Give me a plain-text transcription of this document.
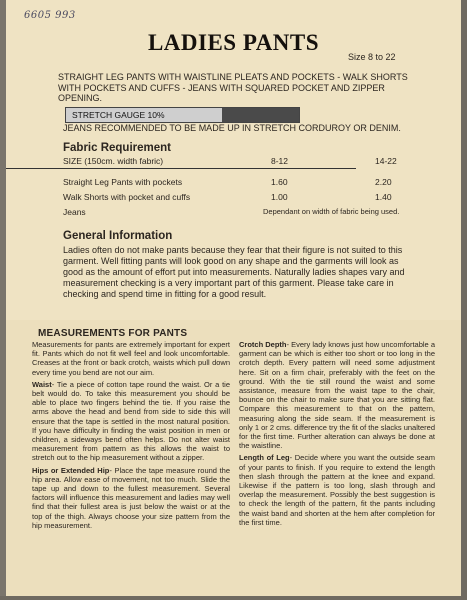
6605 993
LADIES PANTS
Size 8 to 22
STRAIGHT LEG PANTS WITH WAISTLINE PLEATS AND POCKETS - WALK SHORTS WITH POCKETS AND CUFFS - JEANS WITH SQUARED POCKET AND ZIPPER OPENING.
STRETCH GAUGE 10%
JEANS RECOMMENDED TO BE MADE UP IN STRETCH CORDUROY OR DENIM.
Fabric Requirement
SIZE (150cm. width fabric)	8-12	14-22
Straight Leg Pants with pockets	1.60	2.20
Walk Shorts with pocket and cuffs	1.00	1.40
Jeans	Dependant on width of fabric being used.
General Information
Ladies often do not make pants because they fear that their figure is not suited to this garment. Well fitting pants will look good on any shape and the garments will look as good as the amount of effort put into measurements. Naturally ladies shapes vary and measurement checking is a very important part of this garment. Please take care in checking and spend time in fitting for a good result.
MEASUREMENTS FOR PANTS

Measurements for pants are extremely important for expert fit. Pants which do not fit well feel and look uncomfortable. Creases at the front or back crotch, waists which pull down every time you bend are not our aim.

Waist- Tie a piece of cotton tape round the waist. Or a tie belt would do. To take this measurement you should be able to place two fingers behind the tie. If you raise the arms above the head and bend from side to side this will ensure that the tape is settled in the most natural position. If you have difficulty in finding the waist position in men or children, a sideways bend often helps. Do not alter waist measurement from pattern as this allows the waist to stretch out to the hip measurement without a zipper.

Hips or Extended Hip- Place the tape measure round the hip area. Allow ease of movement, not too much. Slide the tape up and down to the fullest measurement. Several factors will influence this measurement and ladies may well find that their fullest area is just below the waist or at the top of the thigh. Always choose your size pattern from the hip measurement.

Crotch Depth- Every lady knows just how uncomfortable a garment can be which is either too short or too long in the crotch depth. Every pattern will need some adjustment here. Sit on a firm chair, preferably with the feet on the ground. With the tie still round the waist and some assistance, measure from the waist tape to the chair, bounce on the chair to make sure that you are sitting flat. Compare this measurement to that on the pattern, measuring along the side seam. If the measurement is only 1 or 2 cms. difference try the fit of the slacks unaltered for the first time. Further alteration can always be done at the waistline.

Length of Leg- Decide where you want the outside seam of your pants to finish. If you require to extend the length then slash through the pattern at the knee and expand. Likewise if the pattern is too long, slash through and overlap the measurement. Possibly the best suggestion is to check the length of the pattern, fit the pants including the waist band and shorten at the hem after completion for the first time.
